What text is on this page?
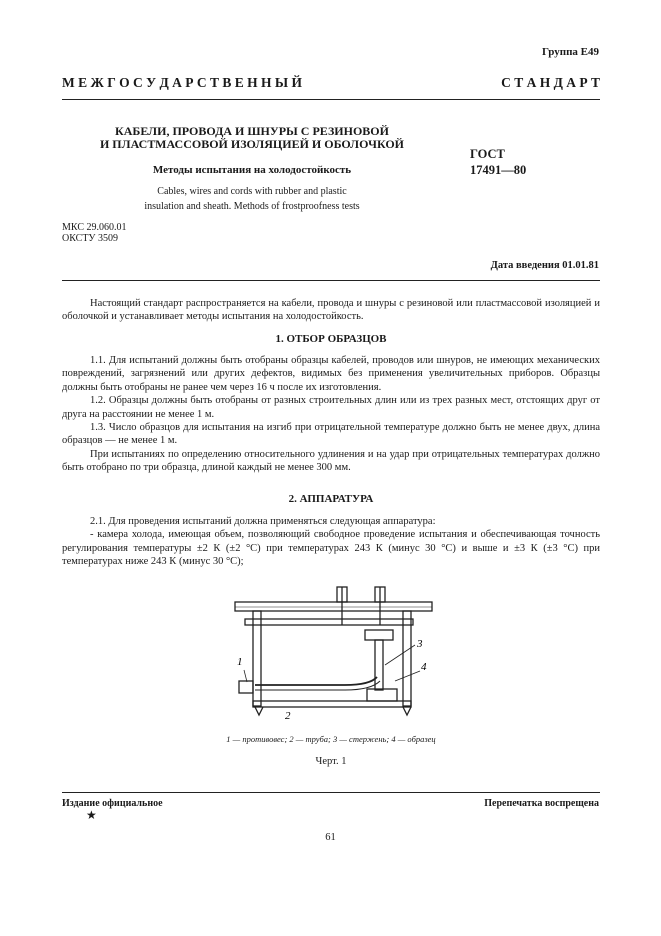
Группа Е49
М Е Ж Г О С У Д А Р С Т В Е Н Н Ы Й	С Т А Н Д А Р Т
КАБЕЛИ, ПРОВОДА И ШНУРЫ С РЕЗИНОВОЙ
И ПЛАСТМАССОВОЙ ИЗОЛЯЦИЕЙ И ОБОЛОЧКОЙ
Методы испытания на холодостойкость
Cables, wires and cords with rubber and plastic
insulation and sheath. Methods of frostproofness tests
ГОСТ
17491—80
МКС 29.060.01
ОКСТУ 3509
Дата введения 01.01.81

Настоящий стандарт распространяется на кабели, провода и шнуры с резиновой или пластмассовой изоляцией и оболочкой и устанавливает методы испытания на холодостойкость.

1. ОТБОР ОБРАЗЦОВ

1.1. Для испытаний должны быть отобраны образцы кабелей, проводов или шнуров, не имеющих механических повреждений, загрязнений или других дефектов, видимых без применения увеличительных приборов. Образцы должны быть отобраны не ранее чем через 16 ч после их изготовления.

1.2. Образцы должны быть отобраны от разных строительных длин или из трех разных мест, отстоящих друг от друга на расстоянии не менее 1 м.

1.3. Число образцов для испытания на изгиб при отрицательной температуре должно быть не менее двух, длина образцов — не менее 1 м.

При испытаниях по определению относительного удлинения и на удар при отрицательных температурах должно быть отобрано по три образца, длиной каждый не менее 300 мм.

2. АППАРАТУРА

2.1. Для проведения испытаний должна применяться следующая аппаратура:

- камера холода, имеющая объем, позволяющий свободное проведение испытания и обеспечивающая точность регулирования температуры ±2 К (±2 °С) при температурах 243 К (минус 30 °С) и выше и ±3 К (±3 °С) при температурах ниже 243 К (минус 30 °С);

1
3
4
2
1 — противовес; 2 — труба; 3 — стержень; 4 — образец
Черт. 1
Издание официальное	Перепечатка воспрещена
★
61
